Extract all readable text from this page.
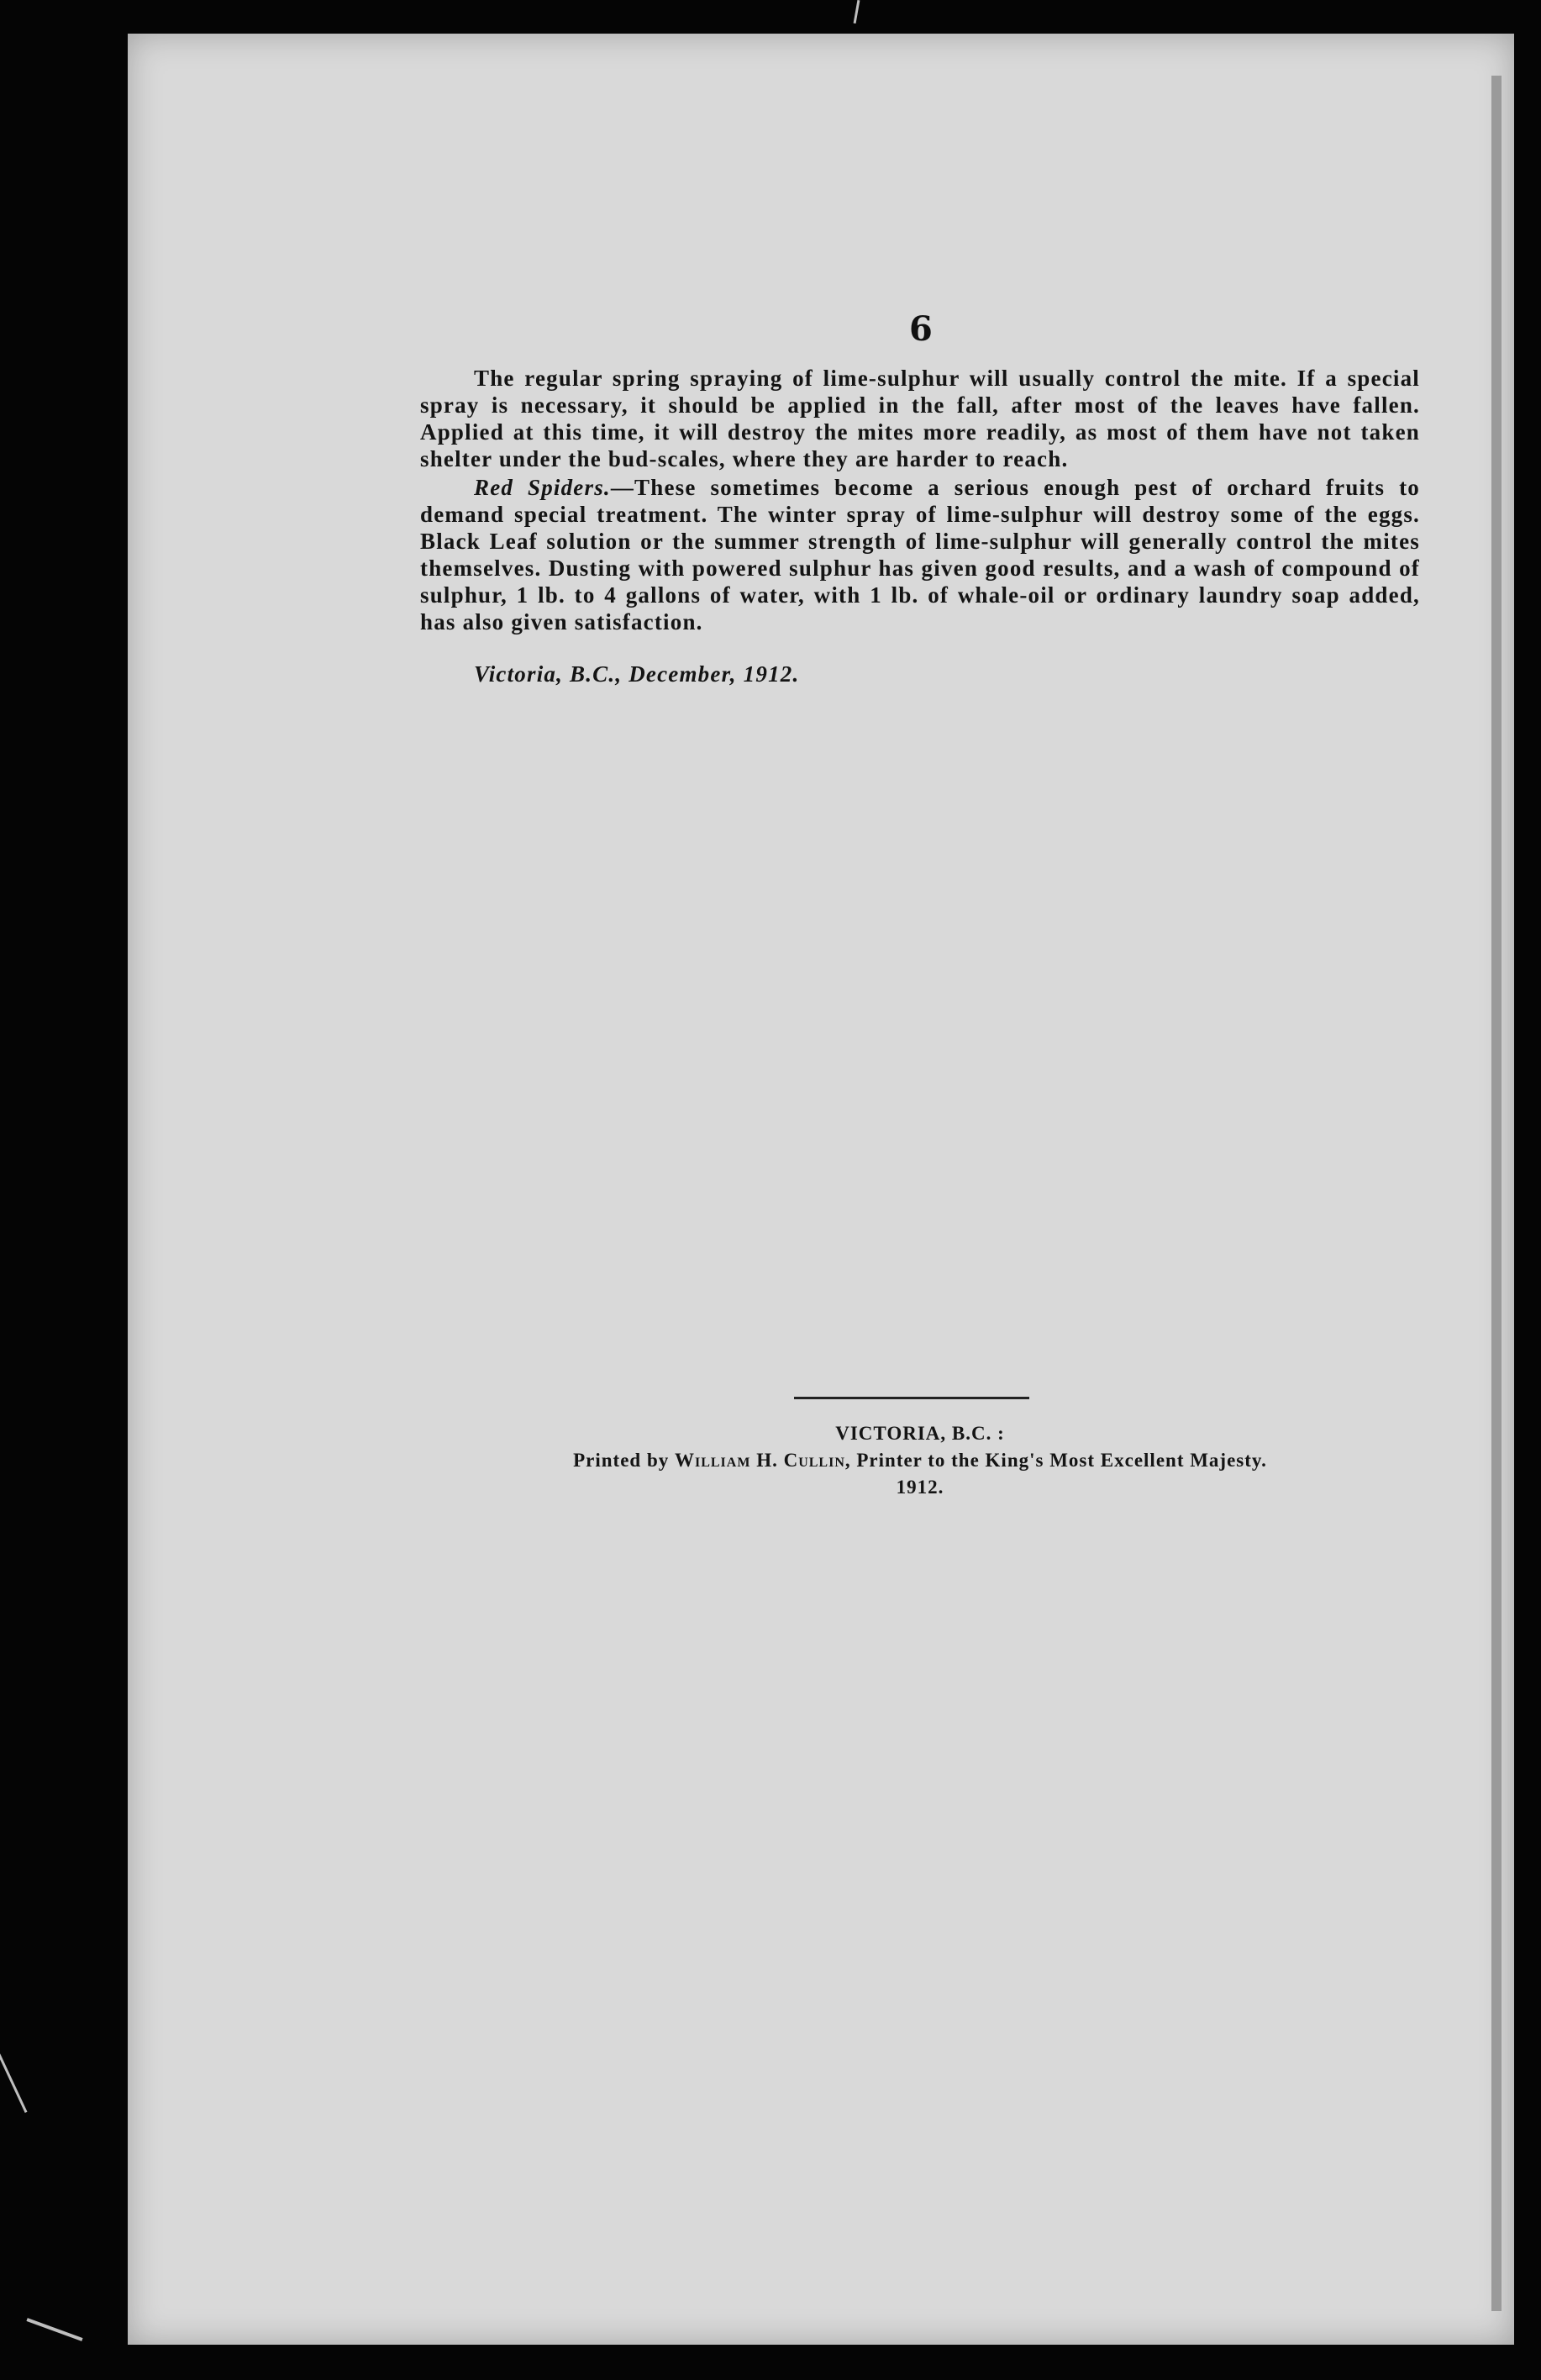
6

The regular spring spraying of lime-sulphur will usually control the mite. If a special spray is necessary, it should be applied in the fall, after most of the leaves have fallen. Applied at this time, it will destroy the mites more readily, as most of them have not taken shelter under the bud-scales, where they are harder to reach.

Red Spiders.—These sometimes become a serious enough pest of orchard fruits to demand special treatment. The winter spray of lime-sulphur will destroy some of the eggs. Black Leaf solution or the summer strength of lime-sulphur will generally control the mites themselves. Dusting with powered sulphur has given good results, and a wash of compound of sulphur, 1 lb. to 4 gallons of water, with 1 lb. of whale-oil or ordinary laundry soap added, has also given satisfaction.

Victoria, B.C., December, 1912.

VICTORIA, B.C. :
Printed by William H. Cullin, Printer to the King's Most Excellent Majesty.
1912.
